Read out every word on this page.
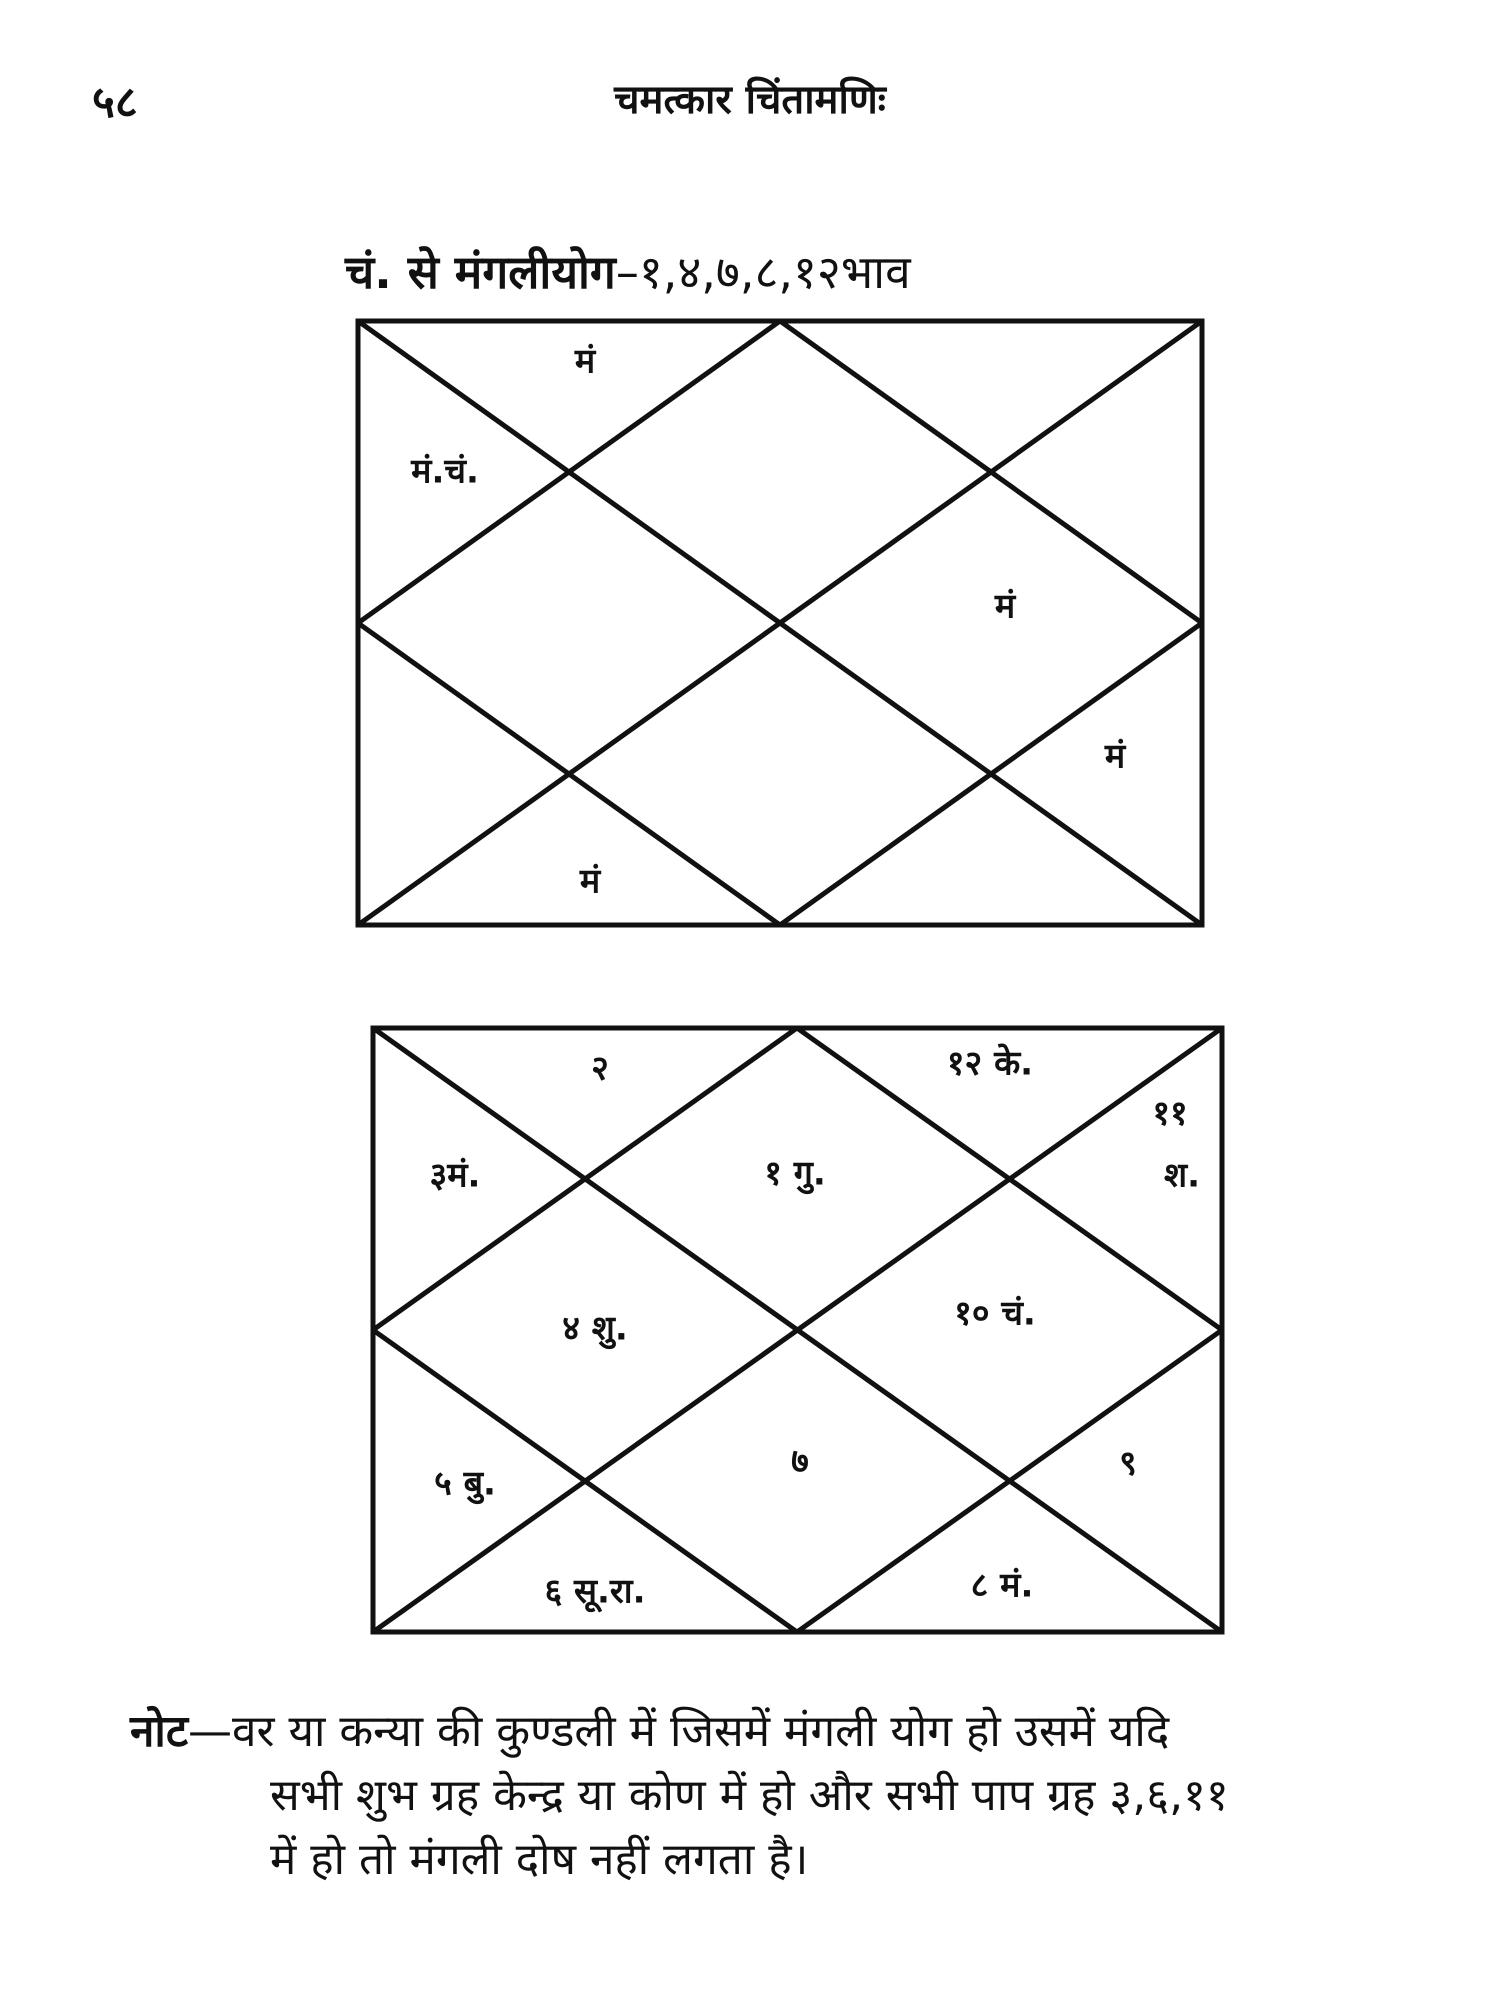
५८	चमत्कार चिंतामणिः
चं. से मंगलीयोग–१,४,७,८,१२भाव
मं
मं.चं.
मं
मं
मं
२	१२ के.
११
श.
३मं.	१ गु.
४ शु.	१० चं.
५ बु.
७	९
६ सू.रा.	८ मं.
नोट—वर या कन्या की कुण्डली में जिसमें मंगली योग हो उसमें यदि
सभी शुभ ग्रह केन्द्र या कोण में हो और सभी पाप ग्रह ३,६,११
में हो तो मंगली दोष नहीं लगता है।
